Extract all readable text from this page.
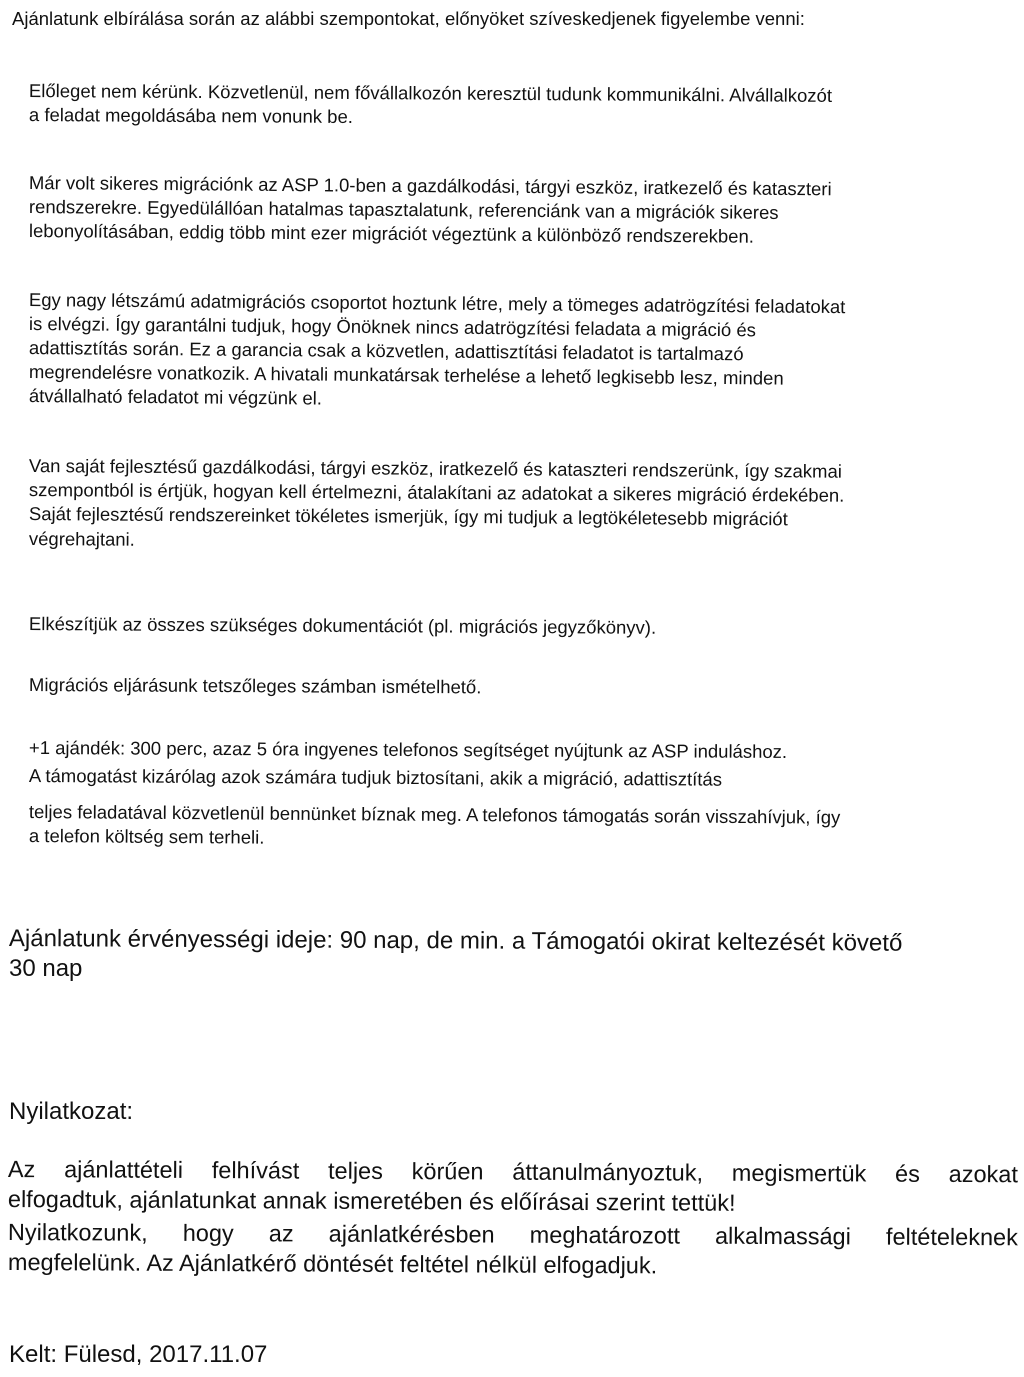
Ajánlatunk elbírálása során az alábbi szempontokat, előnyöket szíveskedjenek figyelembe venni:

Előleget nem kérünk. Közvetlenül, nem fővállalkozón keresztül tudunk kommunikálni. Alvállalkozót

a feladat megoldásába nem vonunk be.

Már volt sikeres migrációnk az ASP 1.0-ben a gazdálkodási, tárgyi eszköz, iratkezelő és kataszteri

rendszerekre. Egyedülállóan hatalmas tapasztalatunk, referenciánk van a migrációk sikeres

lebonyolításában, eddig több mint ezer migrációt végeztünk a különböző rendszerekben.

Egy nagy létszámú adatmigrációs csoportot hoztunk létre, mely a tömeges adatrögzítési feladatokat

is elvégzi. Így garantálni tudjuk, hogy Önöknek nincs adatrögzítési feladata a migráció és

adattisztítás során. Ez a garancia csak a közvetlen, adattisztítási feladatot is tartalmazó

megrendelésre vonatkozik. A hivatali munkatársak terhelése a lehető legkisebb lesz, minden

átvállalható feladatot mi végzünk el.

Van saját fejlesztésű gazdálkodási, tárgyi eszköz, iratkezelő és kataszteri rendszerünk, így szakmai

szempontból is értjük, hogyan kell értelmezni, átalakítani az adatokat a sikeres migráció érdekében.

Saját fejlesztésű rendszereinket tökéletes ismerjük, így mi tudjuk a legtökéletesebb migrációt

végrehajtani.

Elkészítjük az összes szükséges dokumentációt (pl. migrációs jegyzőkönyv).

Migrációs eljárásunk tetszőleges számban ismételhető.

+1 ajándék: 300 perc, azaz 5 óra ingyenes telefonos segítséget nyújtunk az ASP induláshoz.

A támogatást kizárólag azok számára tudjuk biztosítani, akik a migráció, adattisztítás

teljes feladatával közvetlenül bennünket bíznak meg. A telefonos támogatás során visszahívjuk, így

a telefon költség sem terheli.

Ajánlatunk érvényességi ideje: 90 nap, de min. a Támogatói okirat keltezését követő

30 nap

Nyilatkozat:

Az ajánlattételi felhívást teljes körűen áttanulmányoztuk, megismertük és azokat

elfogadtuk, ajánlatunkat annak ismeretében és előírásai szerint tettük!

Nyilatkozunk, hogy az ajánlatkérésben meghatározott alkalmassági feltételeknek

megfelelünk. Az Ajánlatkérő döntését feltétel nélkül elfogadjuk.

Kelt: Fülesd, 2017.11.07
